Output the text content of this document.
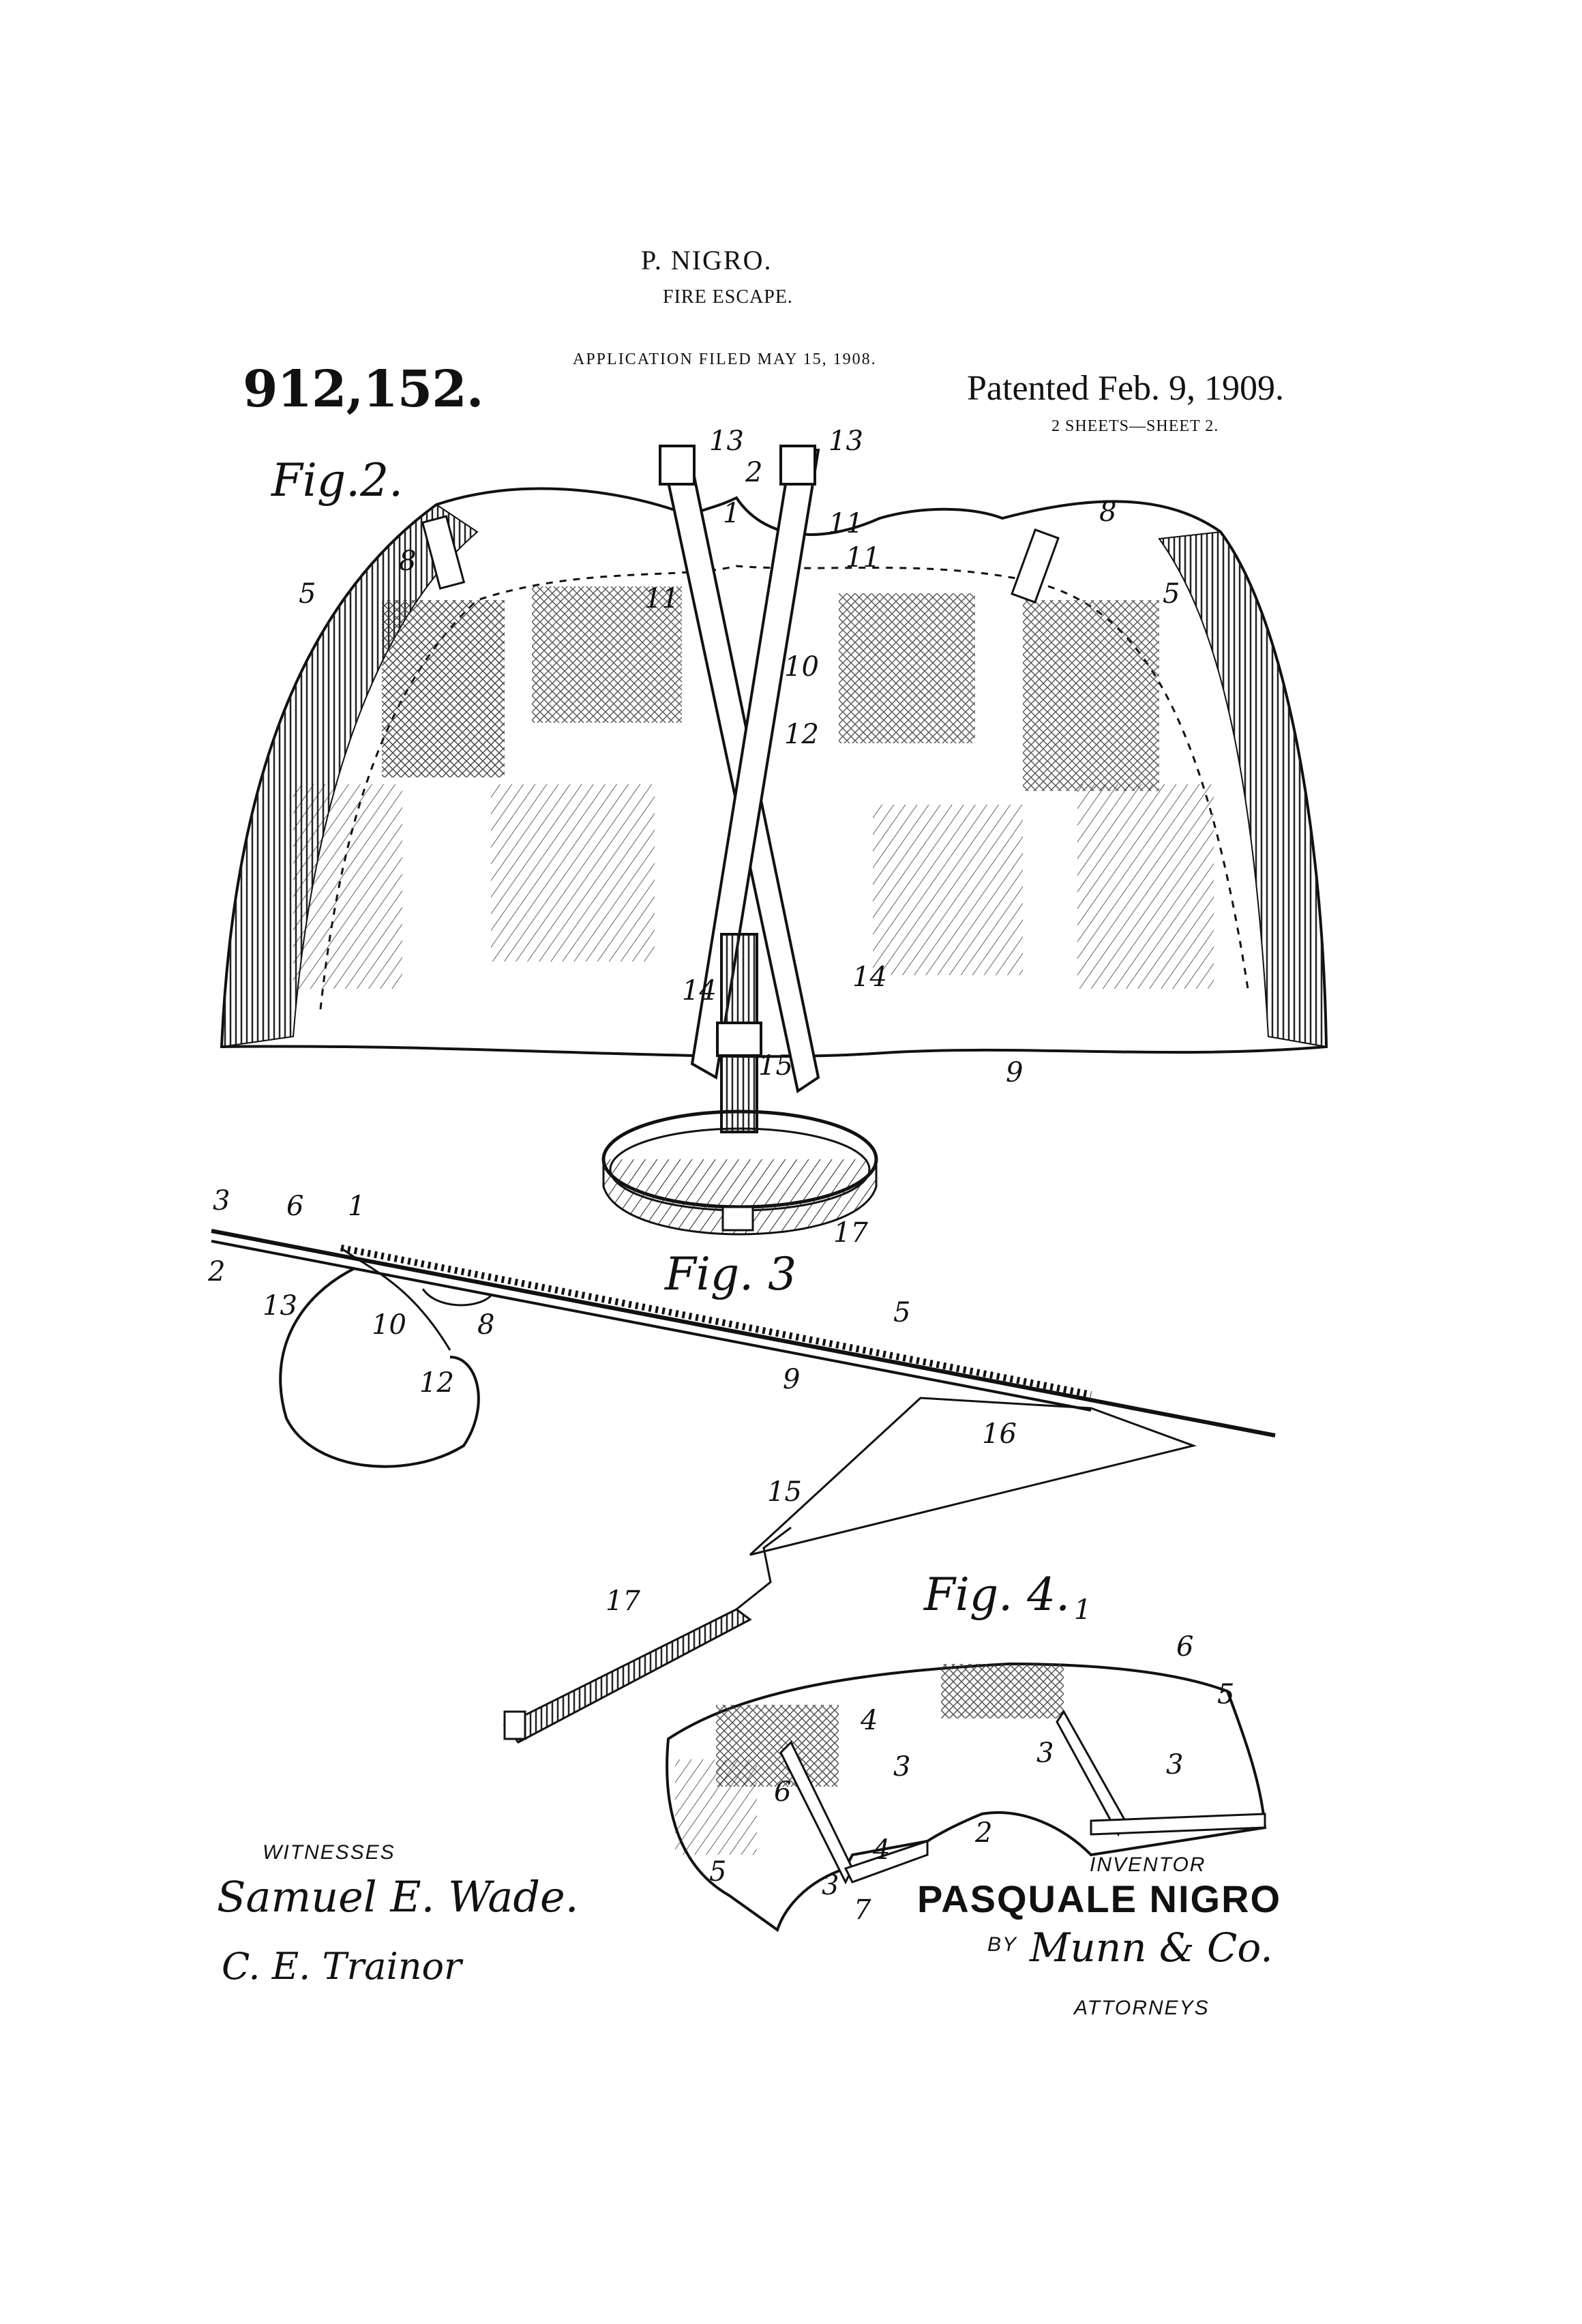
P. NIGRO.
FIRE ESCAPE.
APPLICATION FILED MAY 15, 1908.
912,152.	Patented Feb. 9, 1909.
2 SHEETS—SHEET 2.
Fig.2.
Fig. 3
Fig. 4.
13	13
2
1	11
11
11
8
8
5	5
10
12
14	14
15	9
17
3 6 1
2
13
10	8
12
5
9
16
15
17	1
6
5
4
6
3	3	3
2
5	3
4
7
WITNESSES
Samuel E. Wade.
C. E. Trainor
INVENTOR
PASQUALE NIGRO
BY Munn & Co.
ATTORNEYS
